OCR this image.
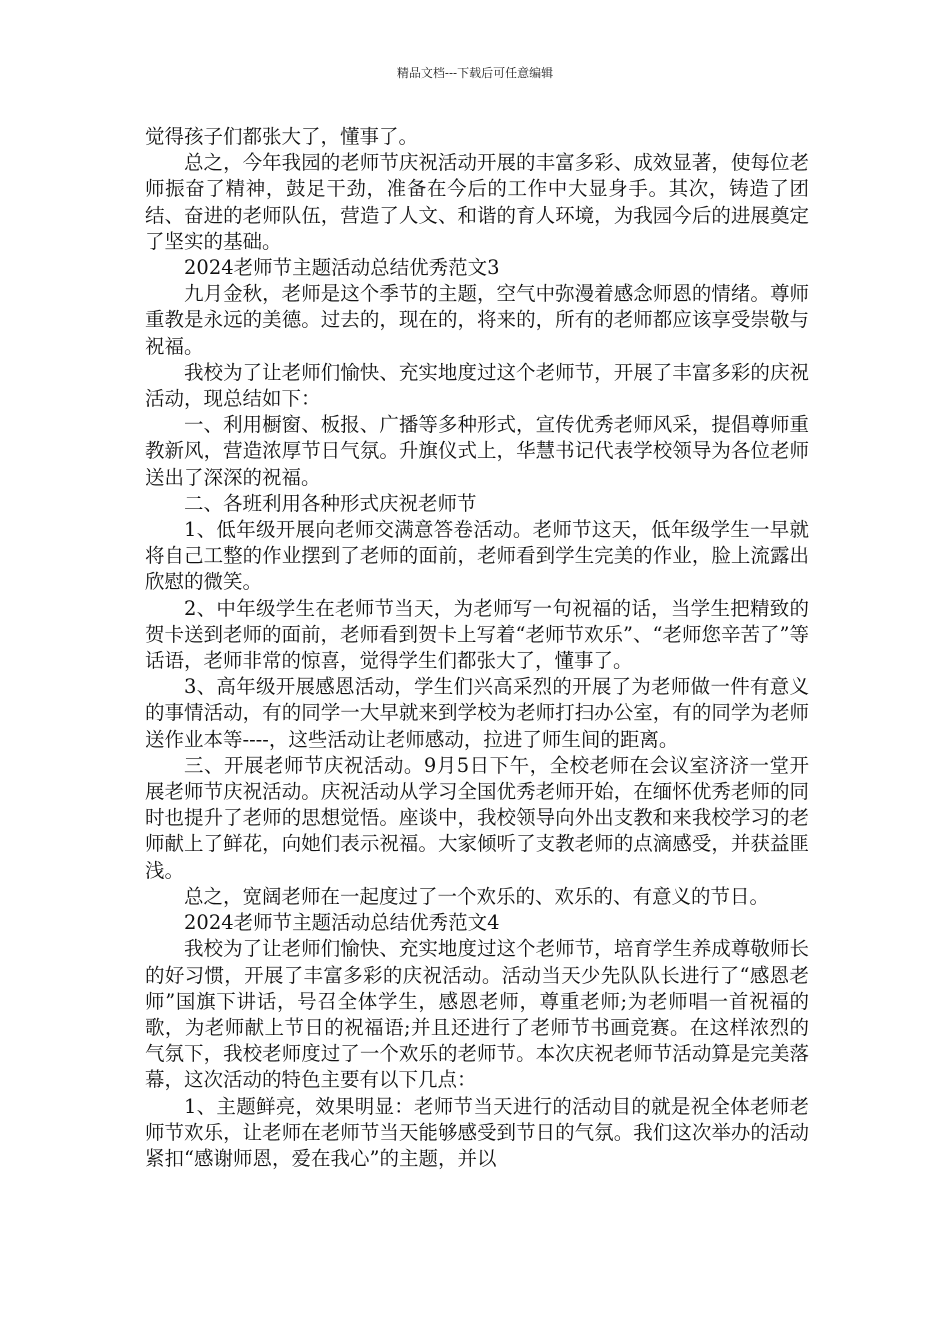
精品文档---下载后可任意编辑

觉得孩子们都张大了，懂事了。

总之，今年我园的老师节庆祝活动开展的丰富多彩、成效显著，使每位老师振奋了精神，鼓足干劲，准备在今后的工作中大显身手。其次，铸造了团结、奋进的老师队伍，营造了人文、和谐的育人环境，为我园今后的进展奠定了坚实的基础。

2024老师节主题活动总结优秀范文3

九月金秋，老师是这个季节的主题，空气中弥漫着感念师恩的情绪。尊师重教是永远的美德。过去的，现在的，将来的，所有的老师都应该享受崇敬与祝福。

我校为了让老师们愉快、充实地度过这个老师节，开展了丰富多彩的庆祝活动，现总结如下：

一、利用橱窗、板报、广播等多种形式，宣传优秀老师风采，提倡尊师重教新风，营造浓厚节日气氛。升旗仪式上，华慧书记代表学校领导为各位老师送出了深深的祝福。

二、各班利用各种形式庆祝老师节

1、低年级开展向老师交满意答卷活动。老师节这天，低年级学生一早就将自己工整的作业摆到了老师的面前，老师看到学生完美的作业，脸上流露出欣慰的微笑。

2、中年级学生在老师节当天，为老师写一句祝福的话，当学生把精致的贺卡送到老师的面前，老师看到贺卡上写着“老师节欢乐”、“老师您辛苦了”等话语，老师非常的惊喜，觉得学生们都张大了，懂事了。

3、高年级开展感恩活动，学生们兴高采烈的开展了为老师做一件有意义的事情活动，有的同学一大早就来到学校为老师打扫办公室，有的同学为老师送作业本等----，这些活动让老师感动，拉进了师生间的距离。

三、开展老师节庆祝活动。9月5日下午，全校老师在会议室济济一堂开展老师节庆祝活动。庆祝活动从学习全国优秀老师开始，在缅怀优秀老师的同时也提升了老师的思想觉悟。座谈中，我校领导向外出支教和来我校学习的老师献上了鲜花，向她们表示祝福。大家倾听了支教老师的点滴感受，并获益匪浅。

总之，宽阔老师在一起度过了一个欢乐的、欢乐的、有意义的节日。

2024老师节主题活动总结优秀范文4

我校为了让老师们愉快、充实地度过这个老师节，培育学生养成尊敬师长的好习惯，开展了丰富多彩的庆祝活动。活动当天少先队队长进行了“感恩老师”国旗下讲话，号召全体学生，感恩老师，尊重老师;为老师唱一首祝福的歌，为老师献上节日的祝福语;并且还进行了老师节书画竞赛。在这样浓烈的气氛下，我校老师度过了一个欢乐的老师节。本次庆祝老师节活动算是完美落幕，这次活动的特色主要有以下几点：

1、主题鲜亮，效果明显：老师节当天进行的活动目的就是祝全体老师老师节欢乐，让老师在老师节当天能够感受到节日的气氛。我们这次举办的活动紧扣“感谢师恩，爱在我心”的主题，并以
